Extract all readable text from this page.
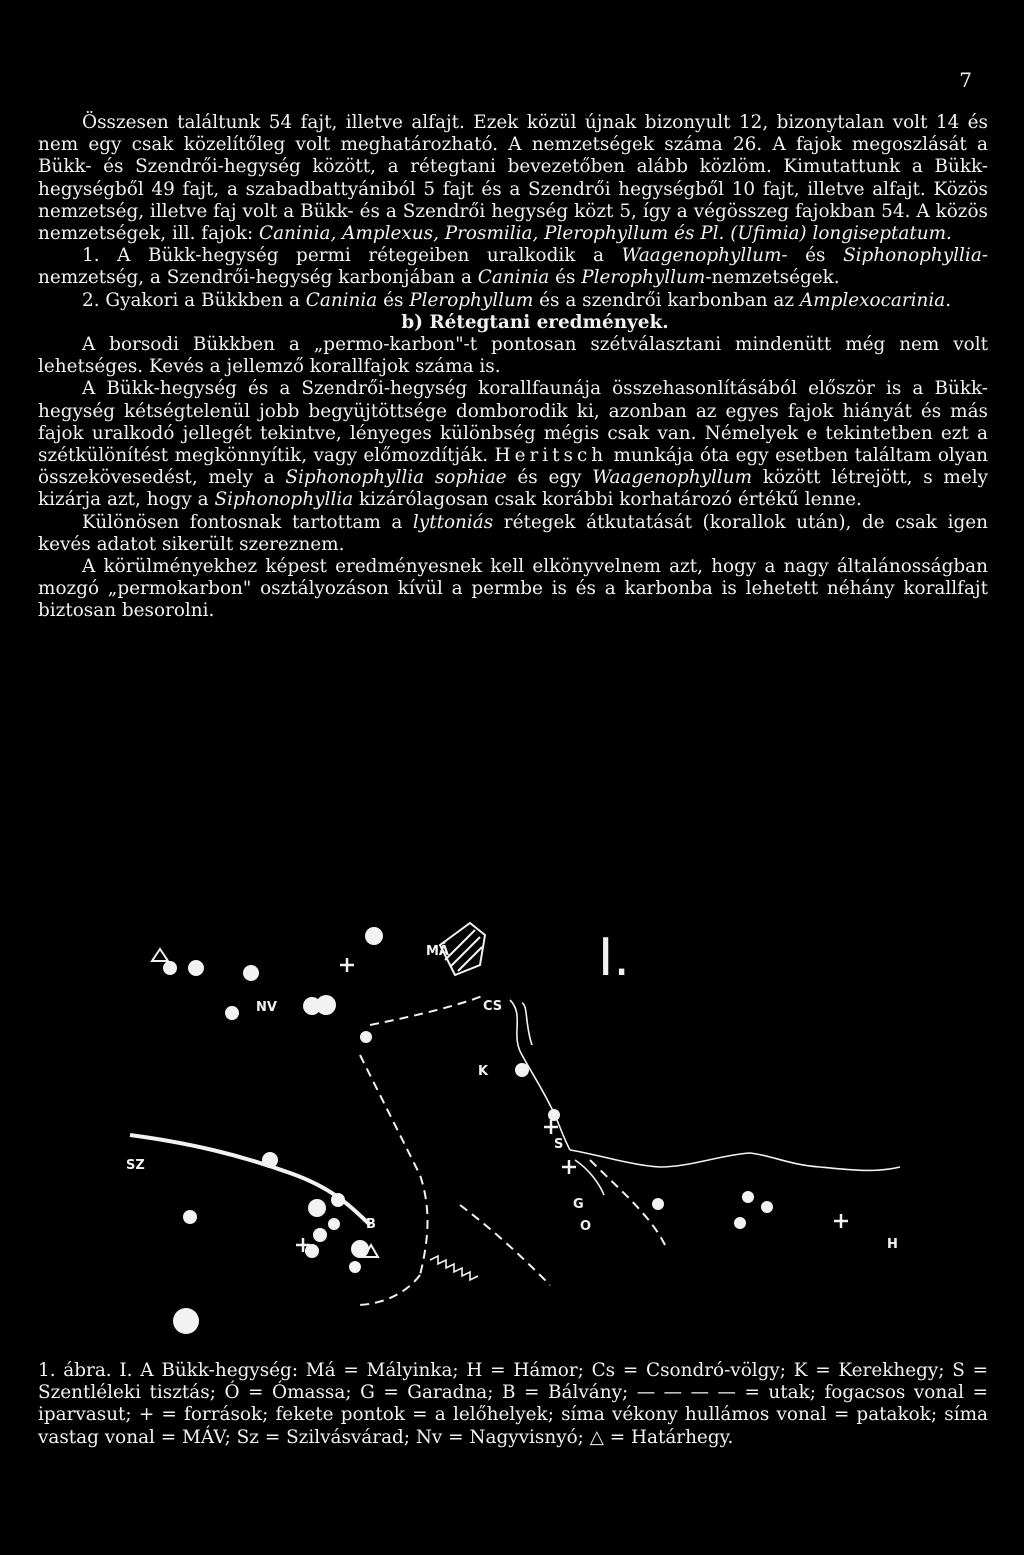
7

Összesen találtunk 54 fajt, illetve alfajt. Ezek közül újnak bizonyult 12, bizonytalan volt 14 és nem egy csak közelítőleg volt meghatározható. A nemzetségek száma 26. A fajok megoszlását a Bükk- és Szendrői-hegység között, a rétegtani bevezetőben alább közlöm. Kimutattunk a Bükk-hegységből 49 fajt, a szabadbattyániból 5 fajt és a Szendrői hegységből 10 fajt, illetve alfajt. Közös nemzetség, illetve faj volt a Bükk- és a Szendrői hegység közt 5, így a végösszeg fajokban 54. A közös nemzetségek, ill. fajok: Caninia, Amplexus, Prosmilia, Plerophyllum és Pl. (Ufimia) longiseptatum.

1. A Bükk-hegység permi rétegeiben uralkodik a Waagenophyllum- és Siphonophyllia-nemzetség, a Szendrői-hegység karbonjában a Caninia és Plerophyllum-nemzetségek.

2. Gyakori a Bükkben a Caninia és Plerophyllum és a szendrői karbonban az Amplexocarinia.

b) Rétegtani eredmények.

A borsodi Bükkben a „permo-karbon"-t pontosan szétválasztani mindenütt még nem volt lehetséges. Kevés a jellemző korallfajok száma is.

A Bükk-hegység és a Szendrői-hegység korallfaunája összehasonlításából először is a Bükk-hegység kétségtelenül jobb begyüjtöttsége domborodik ki, azonban az egyes fajok hiányát és más fajok uralkodó jellegét tekintve, lényeges különbség mégis csak van. Némelyek e tekintetben ezt a szétkülönítést megkönnyítik, vagy előmozdítják. Heritsch munkája óta egy esetben találtam olyan összekövesedést, mely a Siphonophyllia sophiae és egy Waagenophyllum között létrejött, s mely kizárja azt, hogy a Siphonophyllia kizárólagosan csak korábbi korhatározó értékű lenne.

Különösen fontosnak tartottam a lyttoniás rétegek átkutatását (korallok után), de csak igen kevés adatot sikerült szereznem.

A körülményekhez képest eredményesnek kell elkönyvelnem azt, hogy a nagy általánosságban mozgó „permokarbon" osztályozáson kívül a permbe is és a karbonba is lehetett néhány korallfajt biztosan besorolni.

I.
MÁ
NV	CS
K
O
S
G
SZ
B
H

1. ábra. I. A Bükk-hegység: Má = Mályinka; H = Hámor; Cs = Csondró-völgy; K = Kerekhegy; S = Szentléleki tisztás; Ó = Ómassa; G = Garadna; B = Bálvány; — — — — = utak; fogacsos vonal = iparvasut; + = források; fekete pontok = a lelőhelyek; síma vékony hullámos vonal = patakok; síma vastag vonal = MÁV; Sz = Szilvásvárad; Nv = Nagyvisnyó; △ = Határhegy.
